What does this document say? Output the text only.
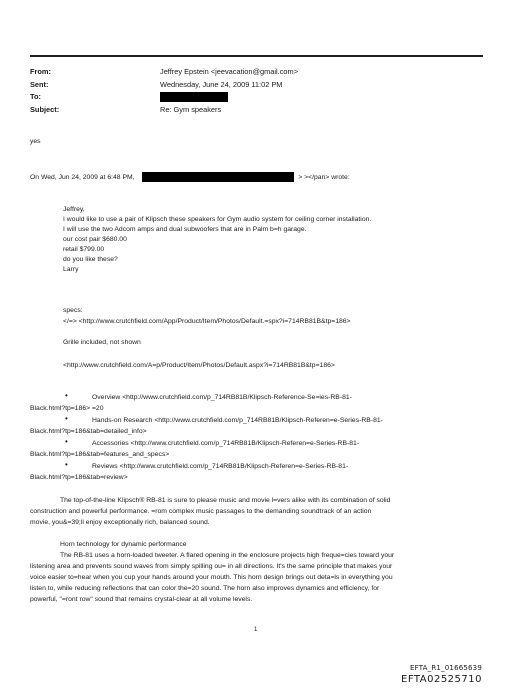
From:	Jeffrey Epstein <jeevacation@gmail.com>
Sent:	Wednesday, June 24, 2009 11:02 PM
To:
Subject:	Re: Gym speakers

yes

On Wed, Jun 24, 2009 at 6:48 PM,	> ></pan> wrote:

Jeffrey,

I would like to use a pair of Klipsch these speakers for Gym audio system for ceiling corner installation.

I will use the two Adcom amps and dual subwoofers that are in Palm b=h garage.

our cost pair $680.00

retail $799.00

do you like these?

Larry

specs:

</=> <http://www.crutchfield.com/App/Product/Item/Photos/Default.=spx?i=714RB81B&tp=186>

Grille included, not shown

<http://www.crutchfield.com/A=p/Product/Item/Photos/Default.aspx?i=714RB81B&tp=186>

•	Overview <http://www.crutchfield.com/p_714RB81B/Klipsch-Reference-Se=ies-RB-81-

Black.html?tp=186> =20

•	Hands-on Research <http://www.crutchfield.com/p_714RB81B/Klipsch-Referen=e-Series-RB-81-

Black.html?tp=186&tab=detailed_info>

•	Accessories <http://www.crutchfield.com/p_714RB81B/Klipsch-Referen=e-Series-RB-81-

Black.html?tp=186&tab=features_and_specs>

•	Reviews <http://www.crutchfield.com/p_714RB81B/Klipsch-Referen=e-Series-RB-81-

Black.html?tp=186&tab=review>

The top-of-the-line Klipsch® RB-81 is sure to please music and movie l=vers alike with its combination of solid

construction and powerful performance. =rom complex music passages to the demanding soundtrack of an action

movie, you&=39;ll enjoy exceptionally rich, balanced sound.

Horn technology for dynamic performance

The RB-81 uses a horn-loaded tweeter. A flared opening in the enclosure projects high freque=cies toward your

listening area and prevents sound waves from simply spilling ou= in all directions. It's the same principle that makes your

voice easier to=hear when you cup your hands around your mouth. This horn design brings out deta=ls in everything you

listen to, while reducing reflections that can color the=20 sound. The horn also improves dynamics and efficiency, for

powerful, "=ront row" sound that remains crystal-clear at all volume levels.

1
EFTA_R1_01665639
EFTA02525710
